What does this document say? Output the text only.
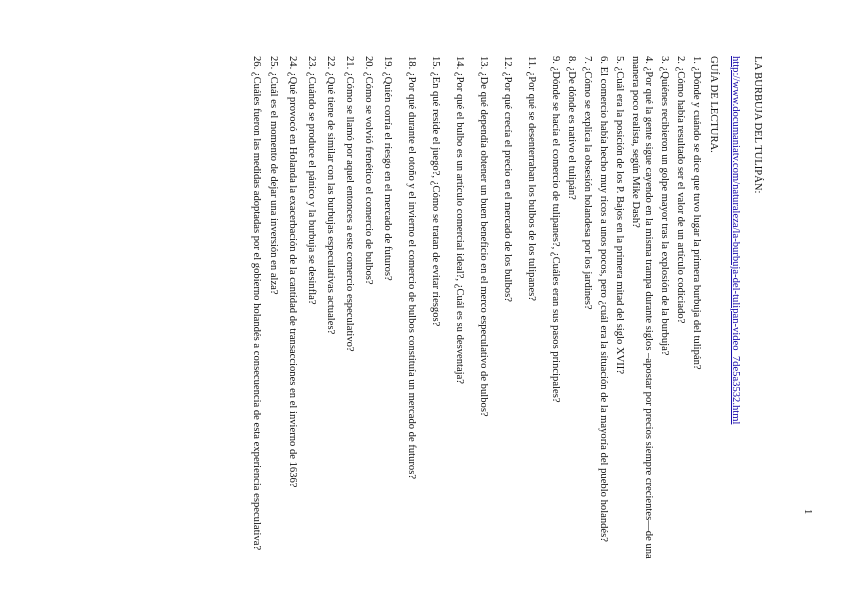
1
LA BURBUJA DEL TULIPÁN:
http://www.documaniatv.com/naturaleza/la-burbuja-del-tulipan-video_7de5a3532.html
GUÍA DE LECTURA.
1. ¿Dónde y cuándo se dice que tuvo lugar la primera burbuja del tulipán?
2. ¿Cómo había resultado ser el valor de un artículo codiciado?
3. ¿Quiénes recibieron un golpe mayor tras la explosión de la burbuja?
4. ¿Por qué la gente sigue cayendo en la misma trampa durante siglos –apostar por precios siempre crecientes—de una manera poco realista, según Mike Dash?
5. ¿Cuál era la posición de los P. Bajos en la primera mitad del siglo XVII?
6. El comercio había hecho muy ricos a unos pocos, pero ¿cuál era la situación de la mayoría del pueblo holandés?
7. ¿Cómo se explica la obsesión holandesa por los jardines?
8. ¿De dónde es nativo el tulipán?
9. ¿Dónde se hacía el comercio de tulipanes?, ¿Cuáles eran sus pasos principales?
11. ¿Por qué se desenterraban los bulbos de los tulipanes?
12. ¿Por qué crecía el precio en el mercado de los bulbos?
13. ¿De qué dependía obtener un buen beneficio en el merco especulativo de bulbos?
14. ¿Por qué el bulbo es un artículo comercial ideal?, ¿Cuál es su desventaja?
15. ¿En qué reside el juego?, ¿Cómo se tratan de evitar riesgos?
18. ¿Por qué durante el otoño y el invierno el comercio de bulbos constituía un mercado de futuros?
19. ¿Quién corría el riesgo en el mercado de futuros?
20. ¿Cómo se volvió frenético el comercio de bulbos?
21. ¿Cómo se llamó por aquel entonces a este comercio especulativo?
22. ¿Qué tiene de similar con las burbujas especulativas actuales?
23. ¿Cuándo se produce el pánico y la burbuja se desinfla?
24. ¿Qué provocó en Holanda la exacerbación de la cantidad de transacciones en el invierno de 1636?
25. ¿Cuál es el momento de dejar una inversión en alza?
26. ¿Cuáles fueron las medidas adoptadas por el gobierno holandés a consecuencia de esta experiencia especulativa?
